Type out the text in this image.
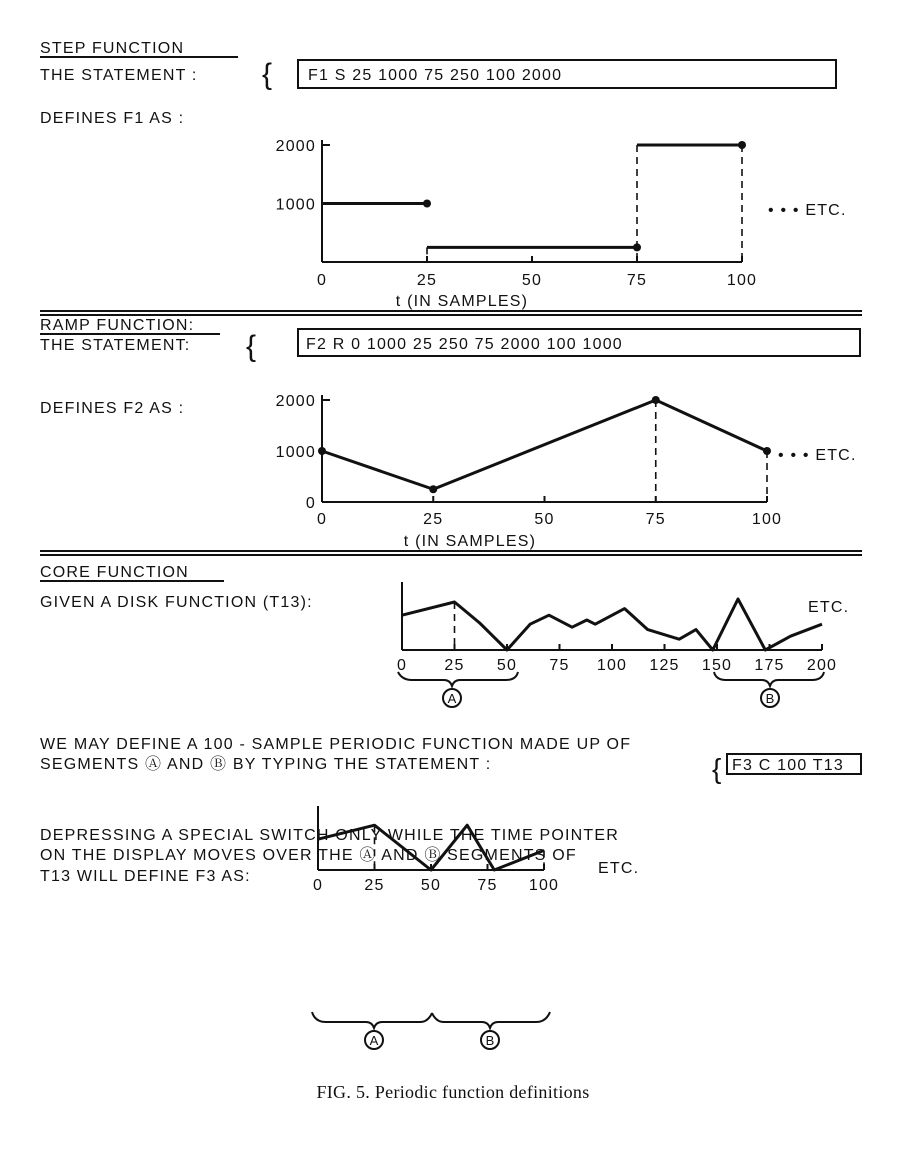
STEP FUNCTION
THE STATEMENT : { F1 S 25 1000 75 250 100 2000
DEFINES F1 AS :
0	25	50	75	100
1000
2000
• • • ETC.
t (IN SAMPLES)
RAMP FUNCTION:
THE STATEMENT: {	F2 R 0 1000 25 250 75 2000 100 1000
DEFINES F2 AS :
0	25	50	75	100
0
1000
2000
• • • ETC.
t (IN SAMPLES)
CORE FUNCTION
GIVEN A DISK FUNCTION (T13):
0 25 50 75 100 125 150 175 200
ETC.
A	B
WE MAY DEFINE A 100 - SAMPLE PERIODIC FUNCTION MADE UP OF
SEGMENTS Ⓐ AND Ⓑ BY TYPING THE STATEMENT :	{ F3 C 100 T13
DEPRESSING A SPECIAL SWITCH ONLY WHILE THE TIME POINTER
ON THE DISPLAY MOVES OVER THE Ⓐ AND Ⓑ SEGMENTS OF
T13 WILL DEFINE F3 AS:
0	25 50 75 100
ETC.
A	B
FIG. 5. Periodic function definitions
